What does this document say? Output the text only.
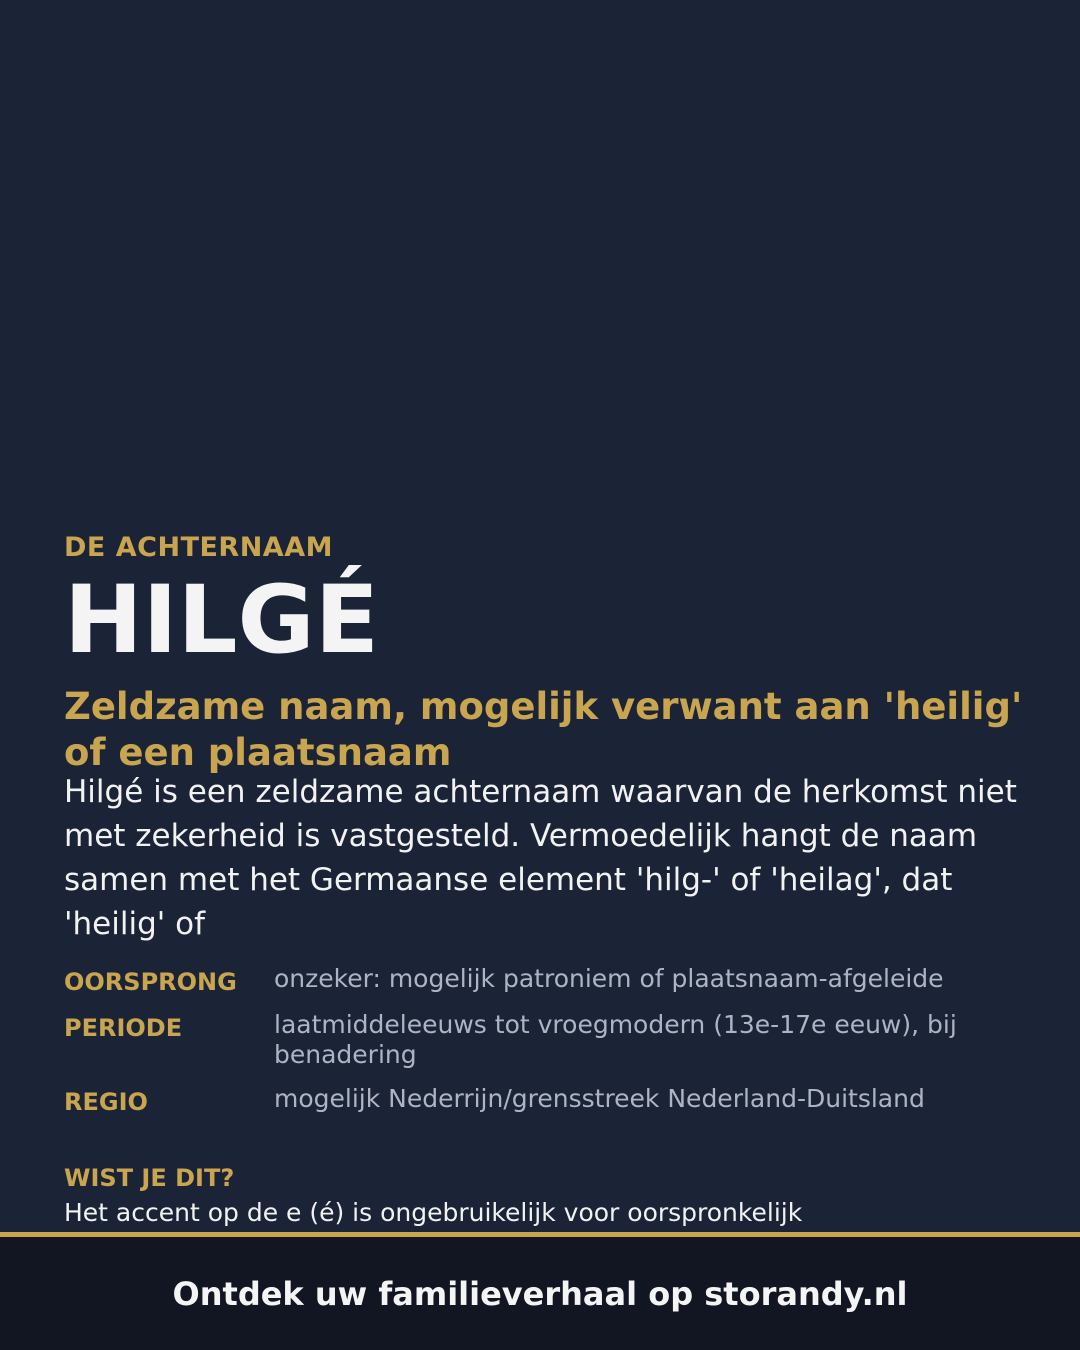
DE ACHTERNAAM
HILGÉ
Zeldzame naam, mogelijk verwant aan 'heilig' of een plaatsnaam
Hilgé is een zeldzame achternaam waarvan de herkomst niet met zekerheid is vastgesteld. Vermoedelijk hangt de naam samen met het Germaanse element 'hilg-' of 'heilag', dat 'heilig' of
OORSPRONG	onzeker: mogelijk patroniem of plaatsnaam-afgeleide
PERIODE	laatmiddeleeuws tot vroegmodern (13e-17e eeuw), bij benadering
REGIO	mogelijk Nederrijn/grensstreek Nederland-Duitsland
WIST JE DIT?
Het accent op de e (é) is ongebruikelijk voor oorspronkelijk
Ontdek uw familieverhaal op storandy.nl
